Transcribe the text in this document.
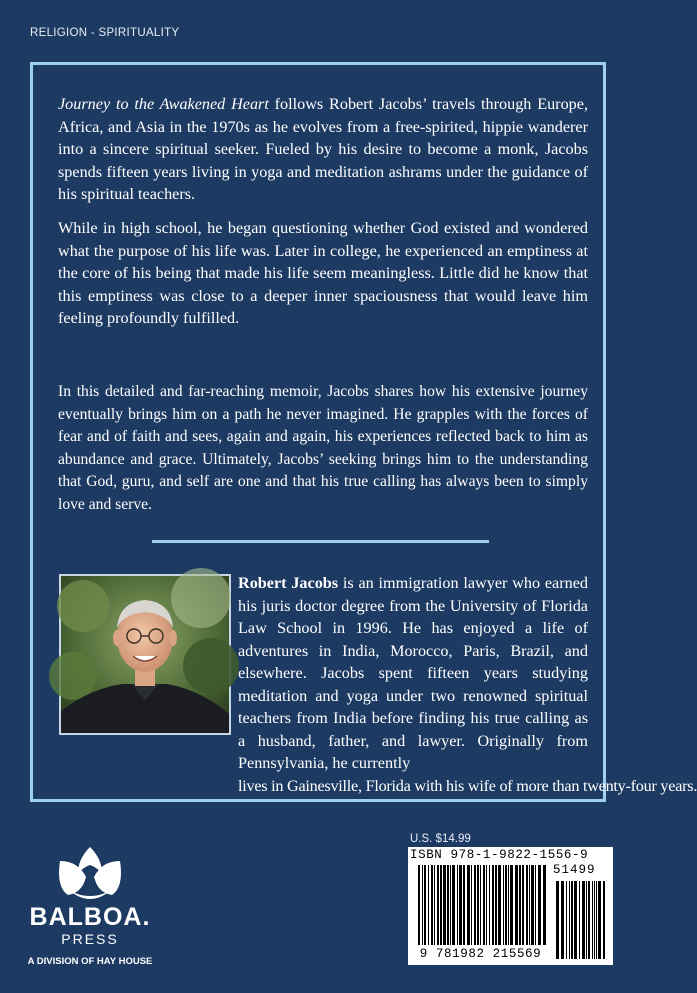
RELIGION - SPIRITUALITY

Journey to the Awakened Heart follows Robert Jacobs’ travels through Europe, Africa, and Asia in the 1970s as he evolves from a free-spirited, hippie wanderer into a sincere spiritual seeker. Fueled by his desire to become a monk, Jacobs spends fifteen years living in yoga and meditation ashrams under the guidance of his spiritual teachers.

While in high school, he began questioning whether God existed and wondered what the purpose of his life was. Later in college, he experienced an emptiness at the core of his being that made his life seem meaningless. Little did he know that this emptiness was close to a deeper inner spaciousness that would leave him feeling profoundly fulfilled.

In this detailed and far-reaching memoir, Jacobs shares how his extensive journey eventually brings him on a path he never imagined. He grapples with the forces of fear and of faith and sees, again and again, his experiences reflected back to him as abundance and grace. Ultimately, Jacobs’ seeking brings him to the understanding that God, guru, and self are one and that his true calling has always been to simply love and serve.

Robert Jacobs is an immigration lawyer who earned his juris doctor degree from the University of Florida Law School in 1996. He has enjoyed a life of adventures in India, Morocco, Paris, Brazil, and elsewhere. Jacobs spent fifteen years studying meditation and yoga under two renowned spiritual teachers from India before finding his true calling as a husband, father, and lawyer. Originally from Pennsylvania, he currently
lives in Gainesville, Florida with his wife of more than twenty-four years.

b
BALBOA.
PRESS
A DIVISION OF HAY HOUSE
U.S. $14.99
ISBN 978-1-9822-1556-9
51499
9 781982 215569
